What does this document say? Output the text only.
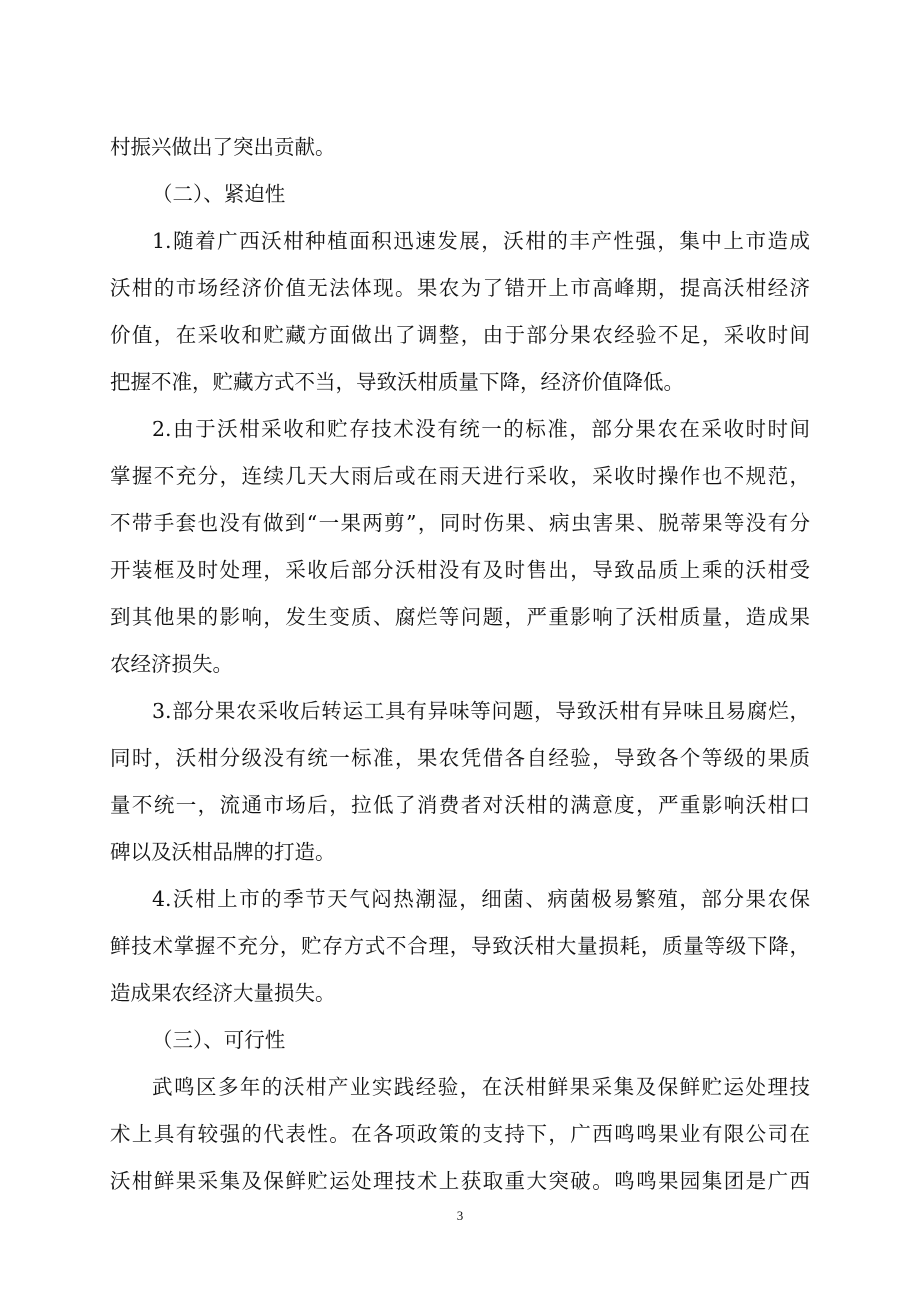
村振兴做出了突出贡献。
（二）、紧迫性
1.随着广西沃柑种植面积迅速发展，沃柑的丰产性强，集中上市造成
沃柑的市场经济价值无法体现。果农为了错开上市高峰期，提高沃柑经济
价值，在采收和贮藏方面做出了调整，由于部分果农经验不足，采收时间
把握不准，贮藏方式不当，导致沃柑质量下降，经济价值降低。
2.由于沃柑采收和贮存技术没有统一的标准，部分果农在采收时时间
掌握不充分，连续几天大雨后或在雨天进行采收，采收时操作也不规范，
不带手套也没有做到“一果两剪”，同时伤果、病虫害果、脱蒂果等没有分
开装框及时处理，采收后部分沃柑没有及时售出，导致品质上乘的沃柑受
到其他果的影响，发生变质、腐烂等问题，严重影响了沃柑质量，造成果
农经济损失。
3.部分果农采收后转运工具有异味等问题，导致沃柑有异味且易腐烂，
同时，沃柑分级没有统一标准，果农凭借各自经验，导致各个等级的果质
量不统一，流通市场后，拉低了消费者对沃柑的满意度，严重影响沃柑口
碑以及沃柑品牌的打造。
4.沃柑上市的季节天气闷热潮湿，细菌、病菌极易繁殖，部分果农保
鲜技术掌握不充分，贮存方式不合理，导致沃柑大量损耗，质量等级下降，
造成果农经济大量损失。
（三）、可行性
武鸣区多年的沃柑产业实践经验，在沃柑鲜果采集及保鲜贮运处理技
术上具有较强的代表性。在各项政策的支持下，广西鸣鸣果业有限公司在
沃柑鲜果采集及保鲜贮运处理技术上获取重大突破。鸣鸣果园集团是广西
3
